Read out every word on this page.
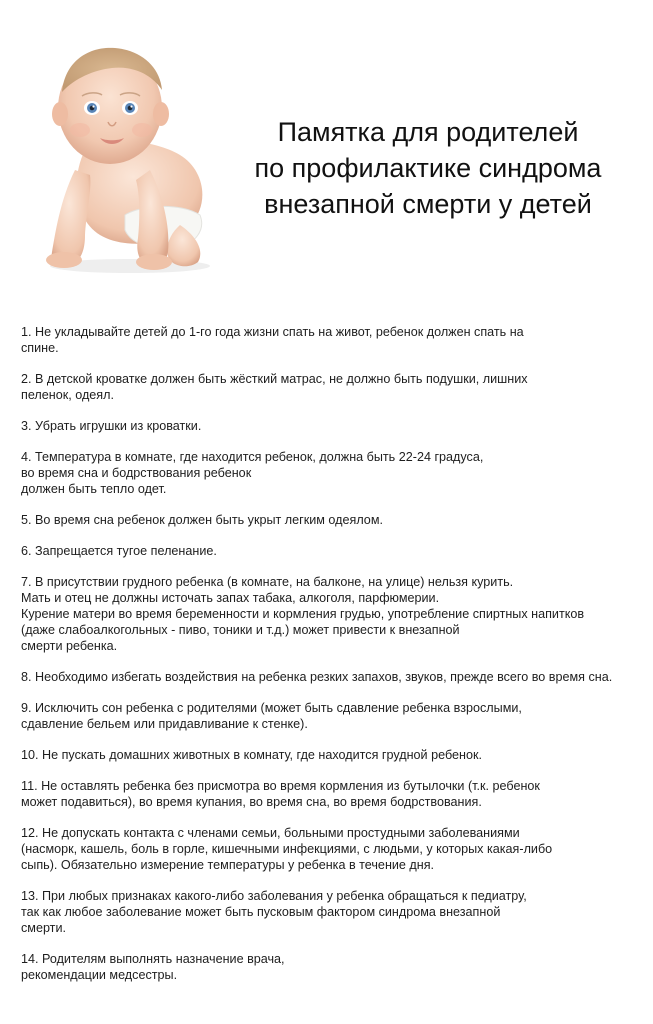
Памятка для родителей
по профилактике синдрома
внезапной смерти у детей
1. Не укладывайте детей до 1-го года жизни спать на живот, ребенок должен спать на
спине.
2. В детской кроватке должен быть жёсткий матрас, не должно быть подушки, лишних
пеленок, одеял.
3. Убрать игрушки из кроватки.
4. Температура в комнате, где находится ребенок, должна быть 22-24 градуса,
во время сна и бодрствования ребенок
должен быть тепло одет.
5. Во время сна ребенок должен быть укрыт легким одеялом.
6. Запрещается тугое пеленание.
7. В присутствии грудного ребенка (в комнате, на балконе, на улице) нельзя курить.
Мать и отец не должны источать запах табака, алкоголя, парфюмерии.
Курение матери во время беременности и кормления грудью, употребление спиртных напитков
(даже слабоалкогольных - пиво, тоники и т.д.) может привести к внезапной
смерти ребенка.
8. Необходимо избегать воздействия на ребенка резких запахов, звуков, прежде всего во время сна.
9. Исключить сон ребенка с родителями (может быть сдавление ребенка взрослыми,
сдавление бельем или придавливание к стенке).
10. Не пускать домашних животных в комнату, где находится грудной ребенок.
11. Не оставлять ребенка без присмотра во время кормления из бутылочки (т.к. ребенок
может подавиться), во время купания, во время сна, во время бодрствования.
12. Не допускать контакта с членами семьи, больными простудными заболеваниями
(насморк, кашель, боль в горле, кишечными инфекциями, с людьми, у которых какая-либо
сыпь). Обязательно измерение температуры у ребенка в течение дня.
13. При любых признаках какого-либо заболевания у ребенка обращаться к педиатру,
так как любое заболевание может быть пусковым фактором синдрома внезапной
смерти.
14. Родителям выполнять назначение врача,
рекомендации медсестры.
